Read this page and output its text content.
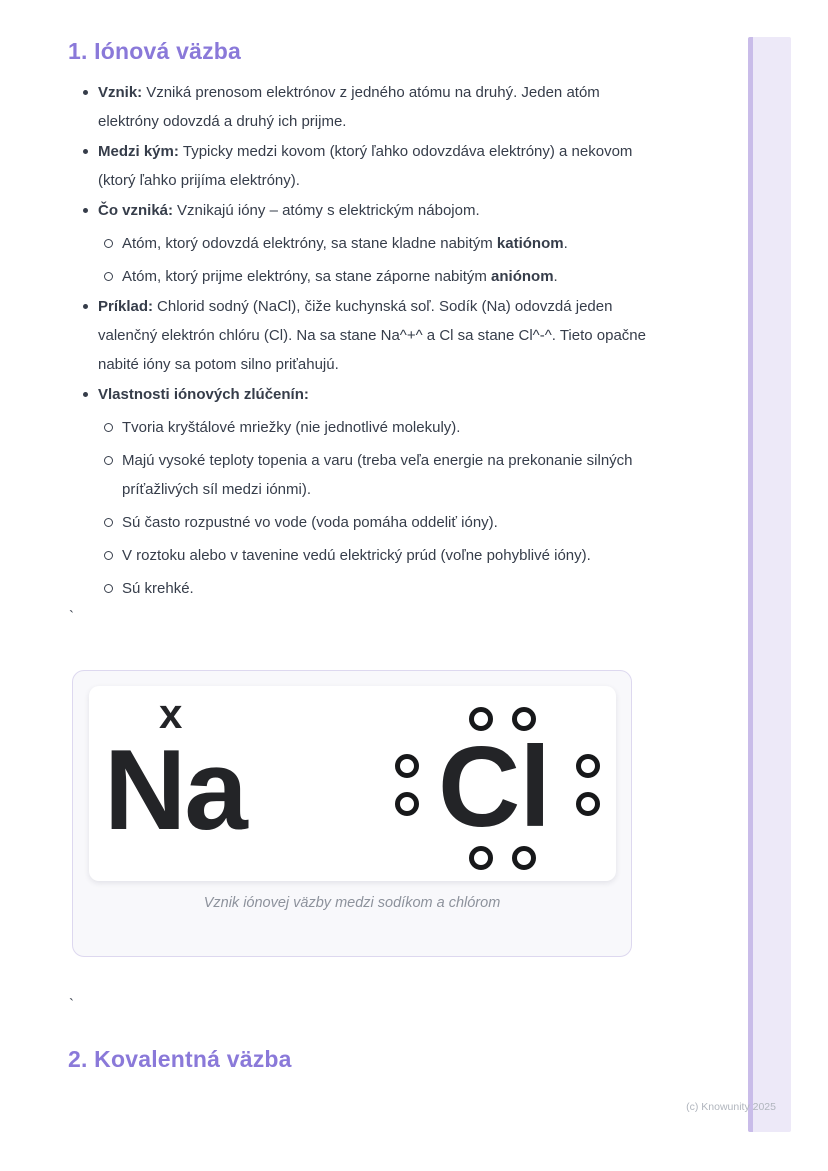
1. Iónová väzba
Vznik: Vzniká prenosom elektrónov z jedného atómu na druhý. Jeden atóm elektróny odovzdá a druhý ich prijme.
Medzi kým: Typicky medzi kovom (ktorý ľahko odovzdáva elektróny) a nekovom (ktorý ľahko prijíma elektróny).
Čo vzniká: Vznikajú ióny – atómy s elektrickým nábojom.
Atóm, ktorý odovzdá elektróny, sa stane kladne nabitým katiónom.
Atóm, ktorý prijme elektróny, sa stane záporne nabitým aniónom.
Príklad: Chlorid sodný (NaCl), čiže kuchynská soľ. Sodík (Na) odovzdá jeden valenčný elektrón chlóru (Cl). Na sa stane Na^+^ a Cl sa stane Cl^-^. Tieto opačne nabité ióny sa potom silno priťahujú.
Vlastnosti iónových zlúčenín:
Tvoria kryštálové mriežky (nie jednotlivé molekuly).
Majú vysoké teploty topenia a varu (treba veľa energie na prekonanie silných príťažlivých síl medzi iónmi).
Sú často rozpustné vo vode (voda pomáha oddeliť ióny).
V roztoku alebo v tavenine vedú elektrický prúd (voľne pohyblivé ióny).
Sú krehké.
`
x
Na Cl
Vznik iónovej väzby medzi sodíkom a chlórom
`
2. Kovalentná väzba
(c) Knowunity 2025
